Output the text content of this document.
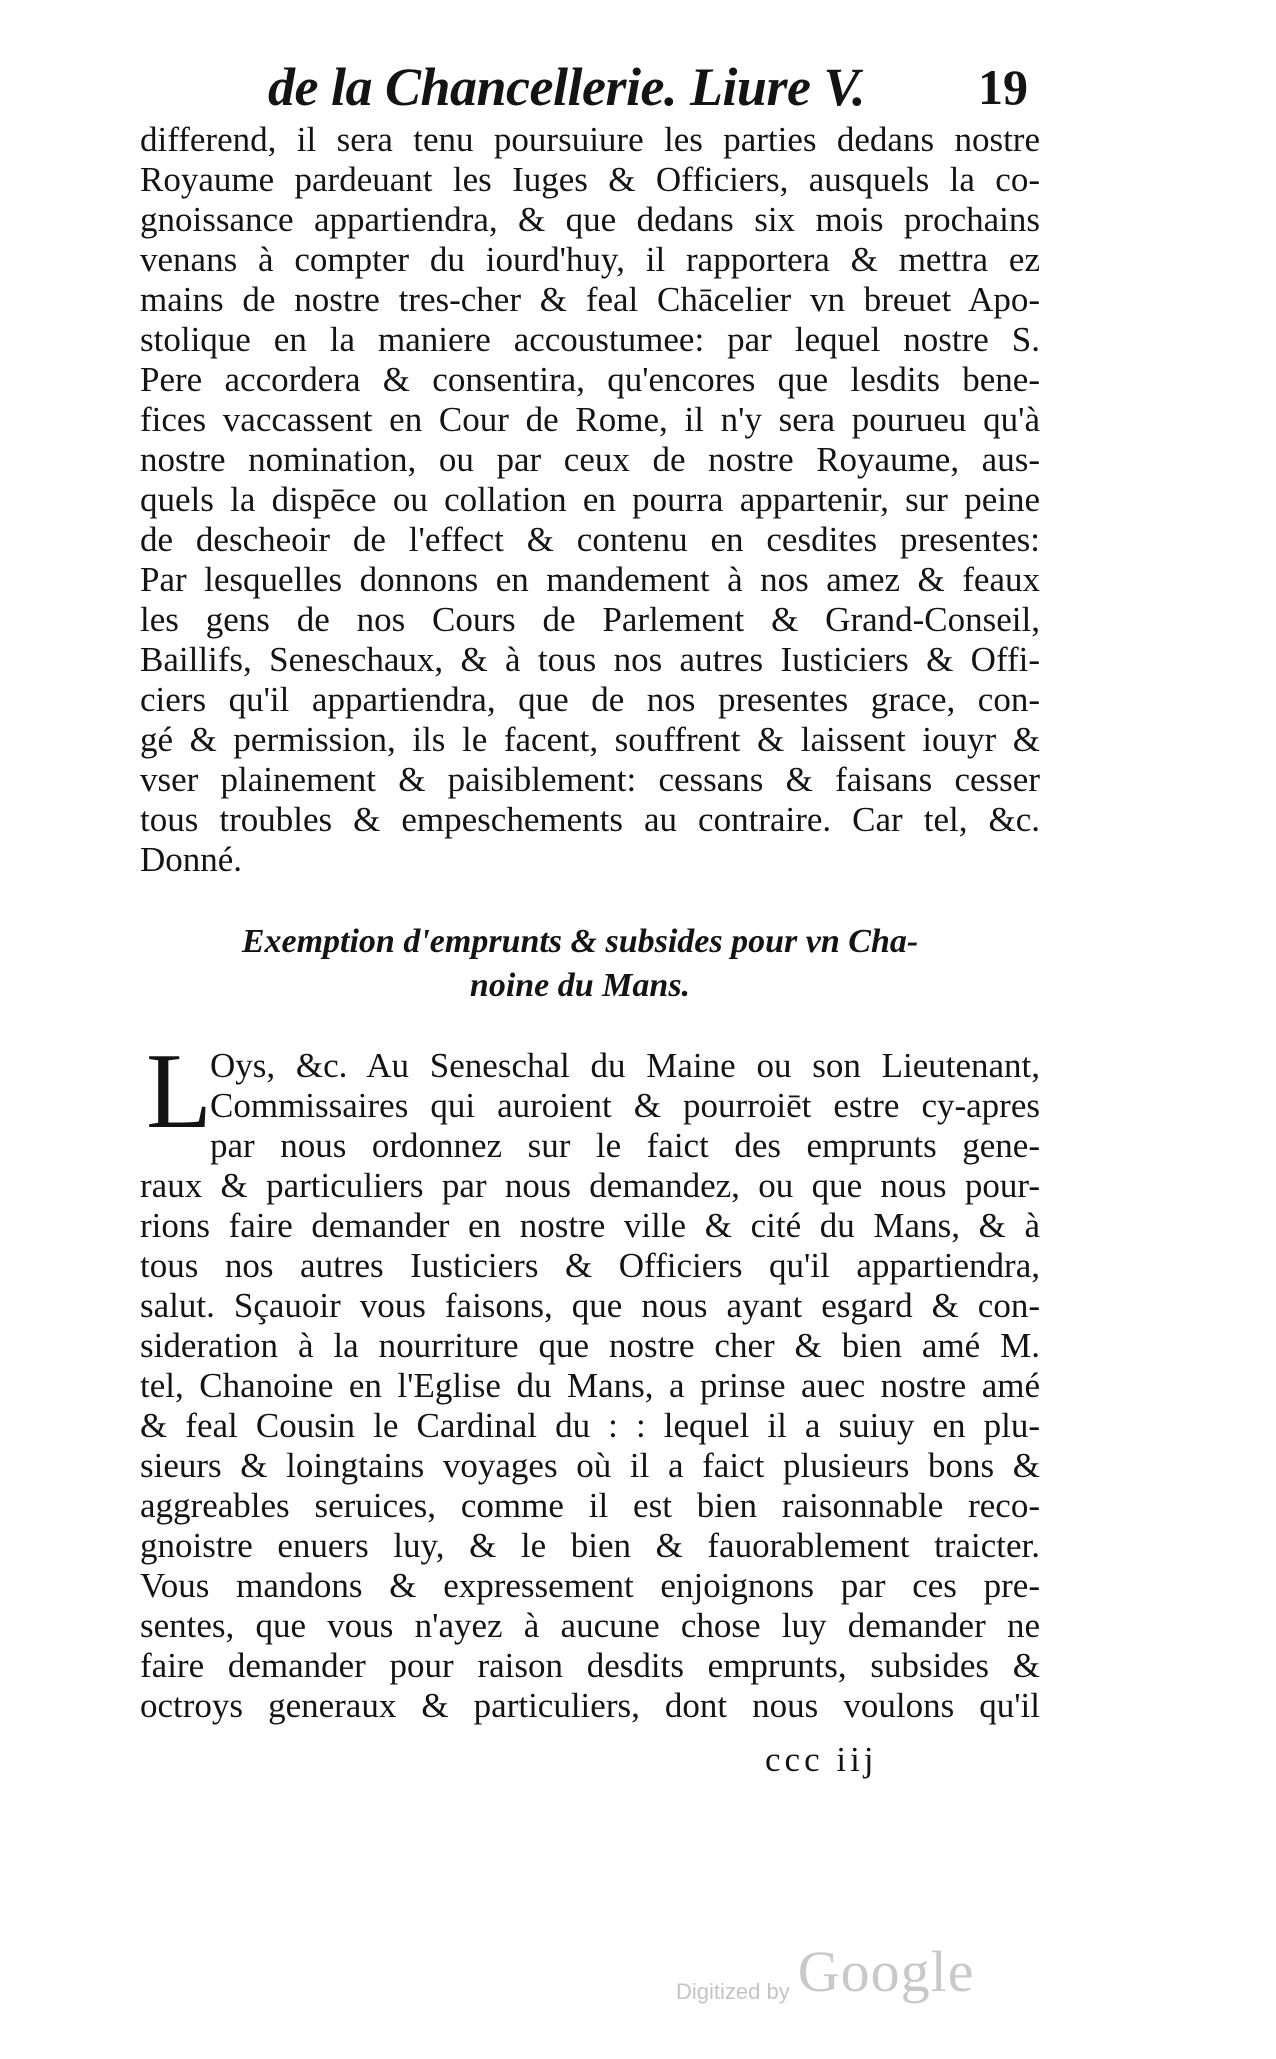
de la Chancellerie. Liure V. 19
differend, il sera tenu poursuiure les parties dedans nostre
Royaume pardeuant les Iuges & Officiers, ausquels la co-
gnoissance appartiendra, & que dedans six mois prochains
venans à compter du iourd'huy, il rapportera & mettra ez
mains de nostre tres-cher & feal Chācelier vn breuet Apo-
stolique en la maniere accoustumee: par lequel nostre S.
Pere accordera & consentira, qu'encores que lesdits bene-
fices vaccassent en Cour de Rome, il n'y sera pourueu qu'à
nostre nomination, ou par ceux de nostre Royaume, aus-
quels la dispēce ou collation en pourra appartenir, sur peine
de descheoir de l'effect & contenu en cesdites presentes:
Par lesquelles donnons en mandement à nos amez & feaux
les gens de nos Cours de Parlement & Grand-Conseil,
Baillifs, Seneschaux, & à tous nos autres Iusticiers & Offi-
ciers qu'il appartiendra, que de nos presentes grace, con-
gé & permission, ils le facent, souffrent & laissent iouyr &
vser plainement & paisiblement: cessans & faisans cesser
tous troubles & empeschements au contraire. Car tel, &c.
Donné.
Exemption d'emprunts & subsides pour vn Cha-
noine du Mans.
L
Oys, &c. Au Seneschal du Maine ou son Lieutenant,
Commissaires qui auroient & pourroiēt estre cy-apres
par nous ordonnez sur le faict des emprunts gene-
raux & particuliers par nous demandez, ou que nous pour-
rions faire demander en nostre ville & cité du Mans, & à
tous nos autres Iusticiers & Officiers qu'il appartiendra,
salut. Sçauoir vous faisons, que nous ayant esgard & con-
sideration à la nourriture que nostre cher & bien amé M.
tel, Chanoine en l'Eglise du Mans, a prinse auec nostre amé
& feal Cousin le Cardinal du : : lequel il a suiuy en plu-
sieurs & loingtains voyages où il a faict plusieurs bons &
aggreables seruices, comme il est bien raisonnable reco-
gnoistre enuers luy, & le bien & fauorablement traicter.
Vous mandons & expressement enjoignons par ces pre-
sentes, que vous n'ayez à aucune chose luy demander ne
faire demander pour raison desdits emprunts, subsides &
octroys generaux & particuliers, dont nous voulons qu'il
ccc iij
Digitized by Google
